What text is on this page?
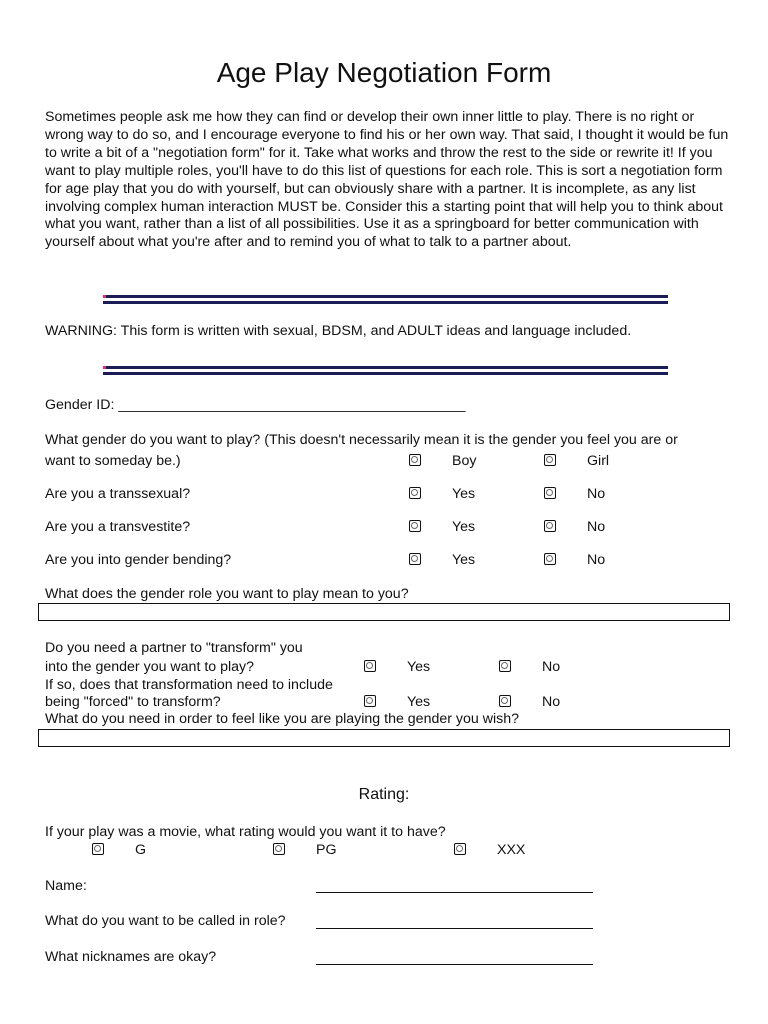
Age Play Negotiation Form
Sometimes people ask me how they can find or develop their own inner little to play. There is no right or wrong way to do so, and I encourage everyone to find his or her own way. That said, I thought it would be fun to write a bit of a "negotiation form" for it. Take what works and throw the rest to the side or rewrite it! If you want to play multiple roles, you'll have to do this list of questions for each role. This is sort a negotiation form for age play that you do with yourself, but can obviously share with a partner. It is incomplete, as any list involving complex human interaction MUST be. Consider this a starting point that will help you to think about what you want, rather than a list of all possibilities. Use it as a springboard for better communication with yourself about what you're after and to remind you of what to talk to a partner about.
WARNING: This form is written with sexual, BDSM, and ADULT ideas and language included.
Gender ID: ____________________________________________
What gender do you want to play? (This doesn't necessarily mean it is the gender you feel you are or
want to someday be.)	Boy	Girl
Are you a transsexual?	Yes	No
Are you a transvestite?	Yes	No
Are you into gender bending?	Yes	No
What does the gender role you want to play mean to you?
Do you need a partner to "transform" you
into the gender you want to play?	Yes	No
If so, does that transformation need to include
being "forced" to transform?	Yes	No
What do you need in order to feel like you are playing the gender you wish?
Rating:
If your play was a movie, what rating would you want it to have?
G	PG	XXX
Name:
What do you want to be called in role?
What nicknames are okay?
